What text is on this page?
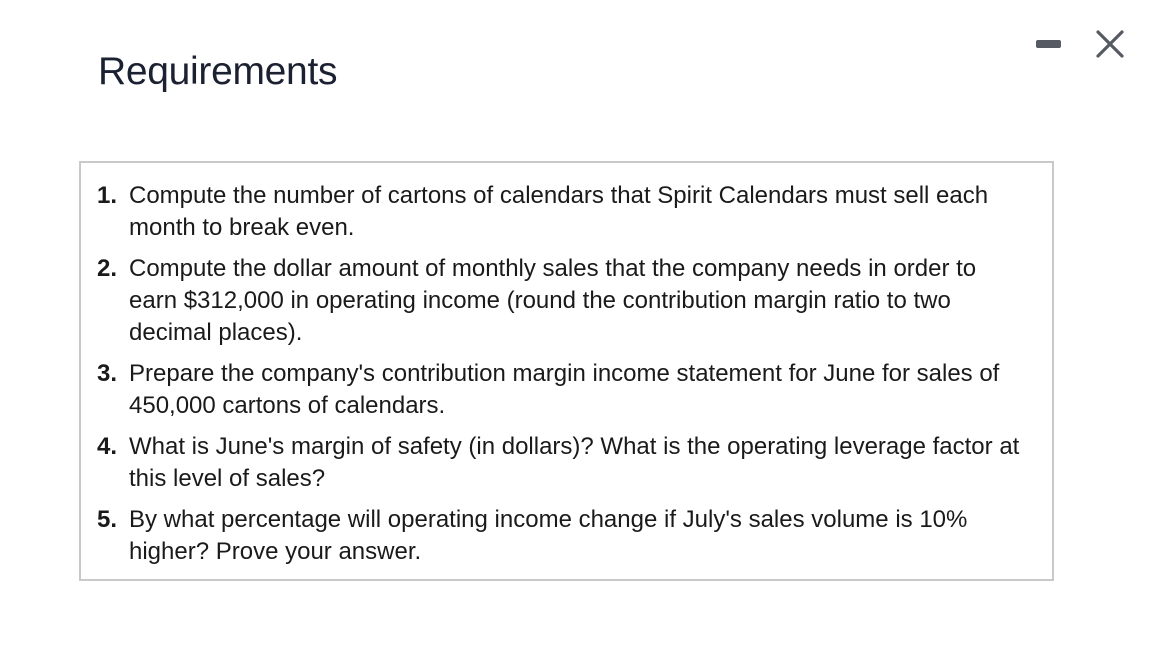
Requirements
1. Compute the number of cartons of calendars that Spirit Calendars must sell each month to break even.
2. Compute the dollar amount of monthly sales that the company needs in order to earn $312,000 in operating income (round the contribution margin ratio to two decimal places).
3. Prepare the company's contribution margin income statement for June for sales of 450,000 cartons of calendars.
4. What is June's margin of safety (in dollars)? What is the operating leverage factor at this level of sales?
5. By what percentage will operating income change if July's sales volume is 10% higher? Prove your answer.
